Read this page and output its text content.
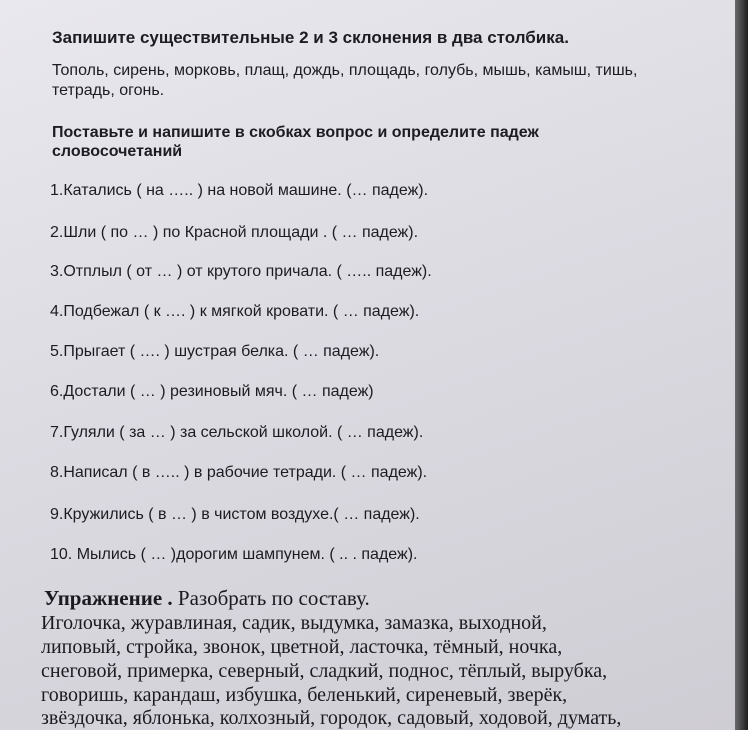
Запишите существительные 2 и 3 склонения в два столбика.
Тополь, сирень, морковь, плащ, дождь, площадь, голубь, мышь, камыш, тишь,
тетрадь, огонь.
Поставьте и напишите в скобках вопрос и определите падеж
словосочетаний
1.Катались ( на ….. ) на новой машине. (… падеж).
2.Шли ( по … ) по Красной площади . ( … падеж).
3.Отплыл ( от … ) от крутого причала. ( ….. падеж).
4.Подбежал ( к …. ) к мягкой кровати. ( … падеж).
5.Прыгает ( …. ) шустрая белка. ( … падеж).
6.Достали ( … ) резиновый мяч. ( … падеж)
7.Гуляли ( за … ) за сельской школой. ( … падеж).
8.Написал ( в ….. ) в рабочие тетради. ( … падеж).
9.Кружились ( в … ) в чистом воздухе.( … падеж).
10. Мылись ( … )дорогим шампунем. ( .. . падеж).
Упражнение . Разобрать по составу.
Иголочка, журавлиная, садик, выдумка, замазка, выходной,
липовый, стройка, звонок, цветной, ласточка, тёмный, ночка,
снеговой, примерка, северный, сладкий, поднос, тёплый, вырубка,
говоришь, карандаш, избушка, беленький, сиреневый, зверёк,
звёздочка, яблонька, колхозный, городок, садовый, ходовой, думать,
